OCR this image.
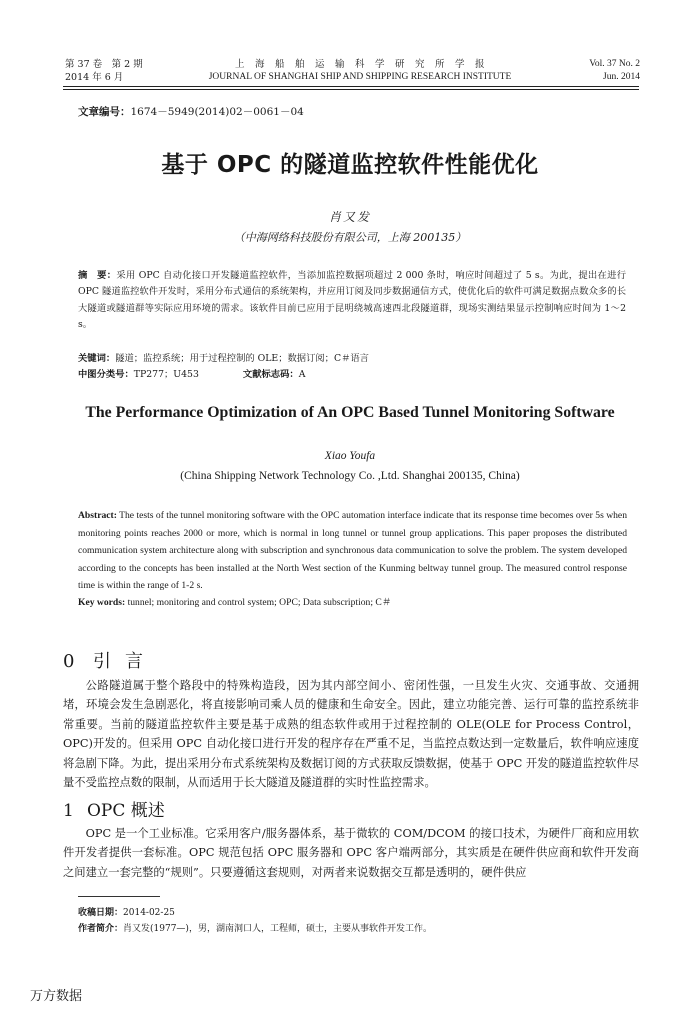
第 37 卷　第 2 期
2014 年 6 月
上　海　船　舶　运　输　科　学　研　究　所　学　报
JOURNAL OF SHANGHAI SHIP AND SHIPPING RESEARCH INSTITUTE
Vol. 37 No. 2
Jun. 2014
文章编号：1674－5949(2014)02－0061－04
基于 OPC 的隧道监控软件性能优化
肖又发
（中海网络科技股份有限公司，上海 200135）
摘　要：采用 OPC 自动化接口开发隧道监控软件，当添加监控数据项超过 2 000 条时，响应时间超过了 5 s。为此，提出在进行 OPC 隧道监控软件开发时，采用分布式通信的系统架构，并应用订阅及同步数据通信方式，使优化后的软件可满足数据点数众多的长大隧道或隧道群等实际应用环境的需求。该软件目前已应用于昆明绕城高速西北段隧道群，现场实测结果显示控制响应时间为 1～2 s。
关键词：隧道；监控系统；用于过程控制的 OLE；数据订阅；C＃语言
中图分类号：TP277；U453	文献标志码：A
The Performance Optimization of An OPC Based Tunnel Monitoring Software
Xiao Youfa
(China Shipping Network Technology Co. ,Ltd. Shanghai 200135, China)
Abstract: The tests of the tunnel monitoring software with the OPC automation interface indicate that its response time becomes over 5s when monitoring points reaches 2000 or more, which is normal in long tunnel or tunnel group applications. This paper proposes the distributed communication system architecture along with subscription and synchronous data communication to solve the problem. The system developed according to the concepts has been installed at the North West section of the Kunming beltway tunnel group. The measured control response time is within the range of 1-2 s.
Key words: tunnel; monitoring and control system; OPC; Data subscription; C＃
0 引言
公路隧道属于整个路段中的特殊构造段，因为其内部空间小、密闭性强，一旦发生火灾、交通事故、交通拥堵，环境会发生急剧恶化，将直接影响司乘人员的健康和生命安全。因此，建立功能完善、运行可靠的监控系统非常重要。当前的隧道监控软件主要是基于成熟的组态软件或用于过程控制的 OLE(OLE for Process Control，OPC)开发的。但采用 OPC 自动化接口进行开发的程序存在严重不足，当监控点数达到一定数量后，软件响应速度将急剧下降。为此，提出采用分布式系统架构及数据订阅的方式获取反馈数据，使基于 OPC 开发的隧道监控软件尽量不受监控点数的限制，从而适用于长大隧道及隧道群的实时性监控需求。
1 OPC 概述
OPC 是一个工业标准。它采用客户/服务器体系，基于微软的 COM/DCOM 的接口技术，为硬件厂商和应用软件开发者提供一套标准。OPC 规范包括 OPC 服务器和 OPC 客户端两部分，其实质是在硬件供应商和软件开发商之间建立一套完整的“规则”。只要遵循这套规则，对两者来说数据交互都是透明的，硬件供应
收稿日期：2014-02-25
作者简介：肖又发(1977—)，男，湖南洞口人，工程师，硕士，主要从事软件开发工作。
万方数据
